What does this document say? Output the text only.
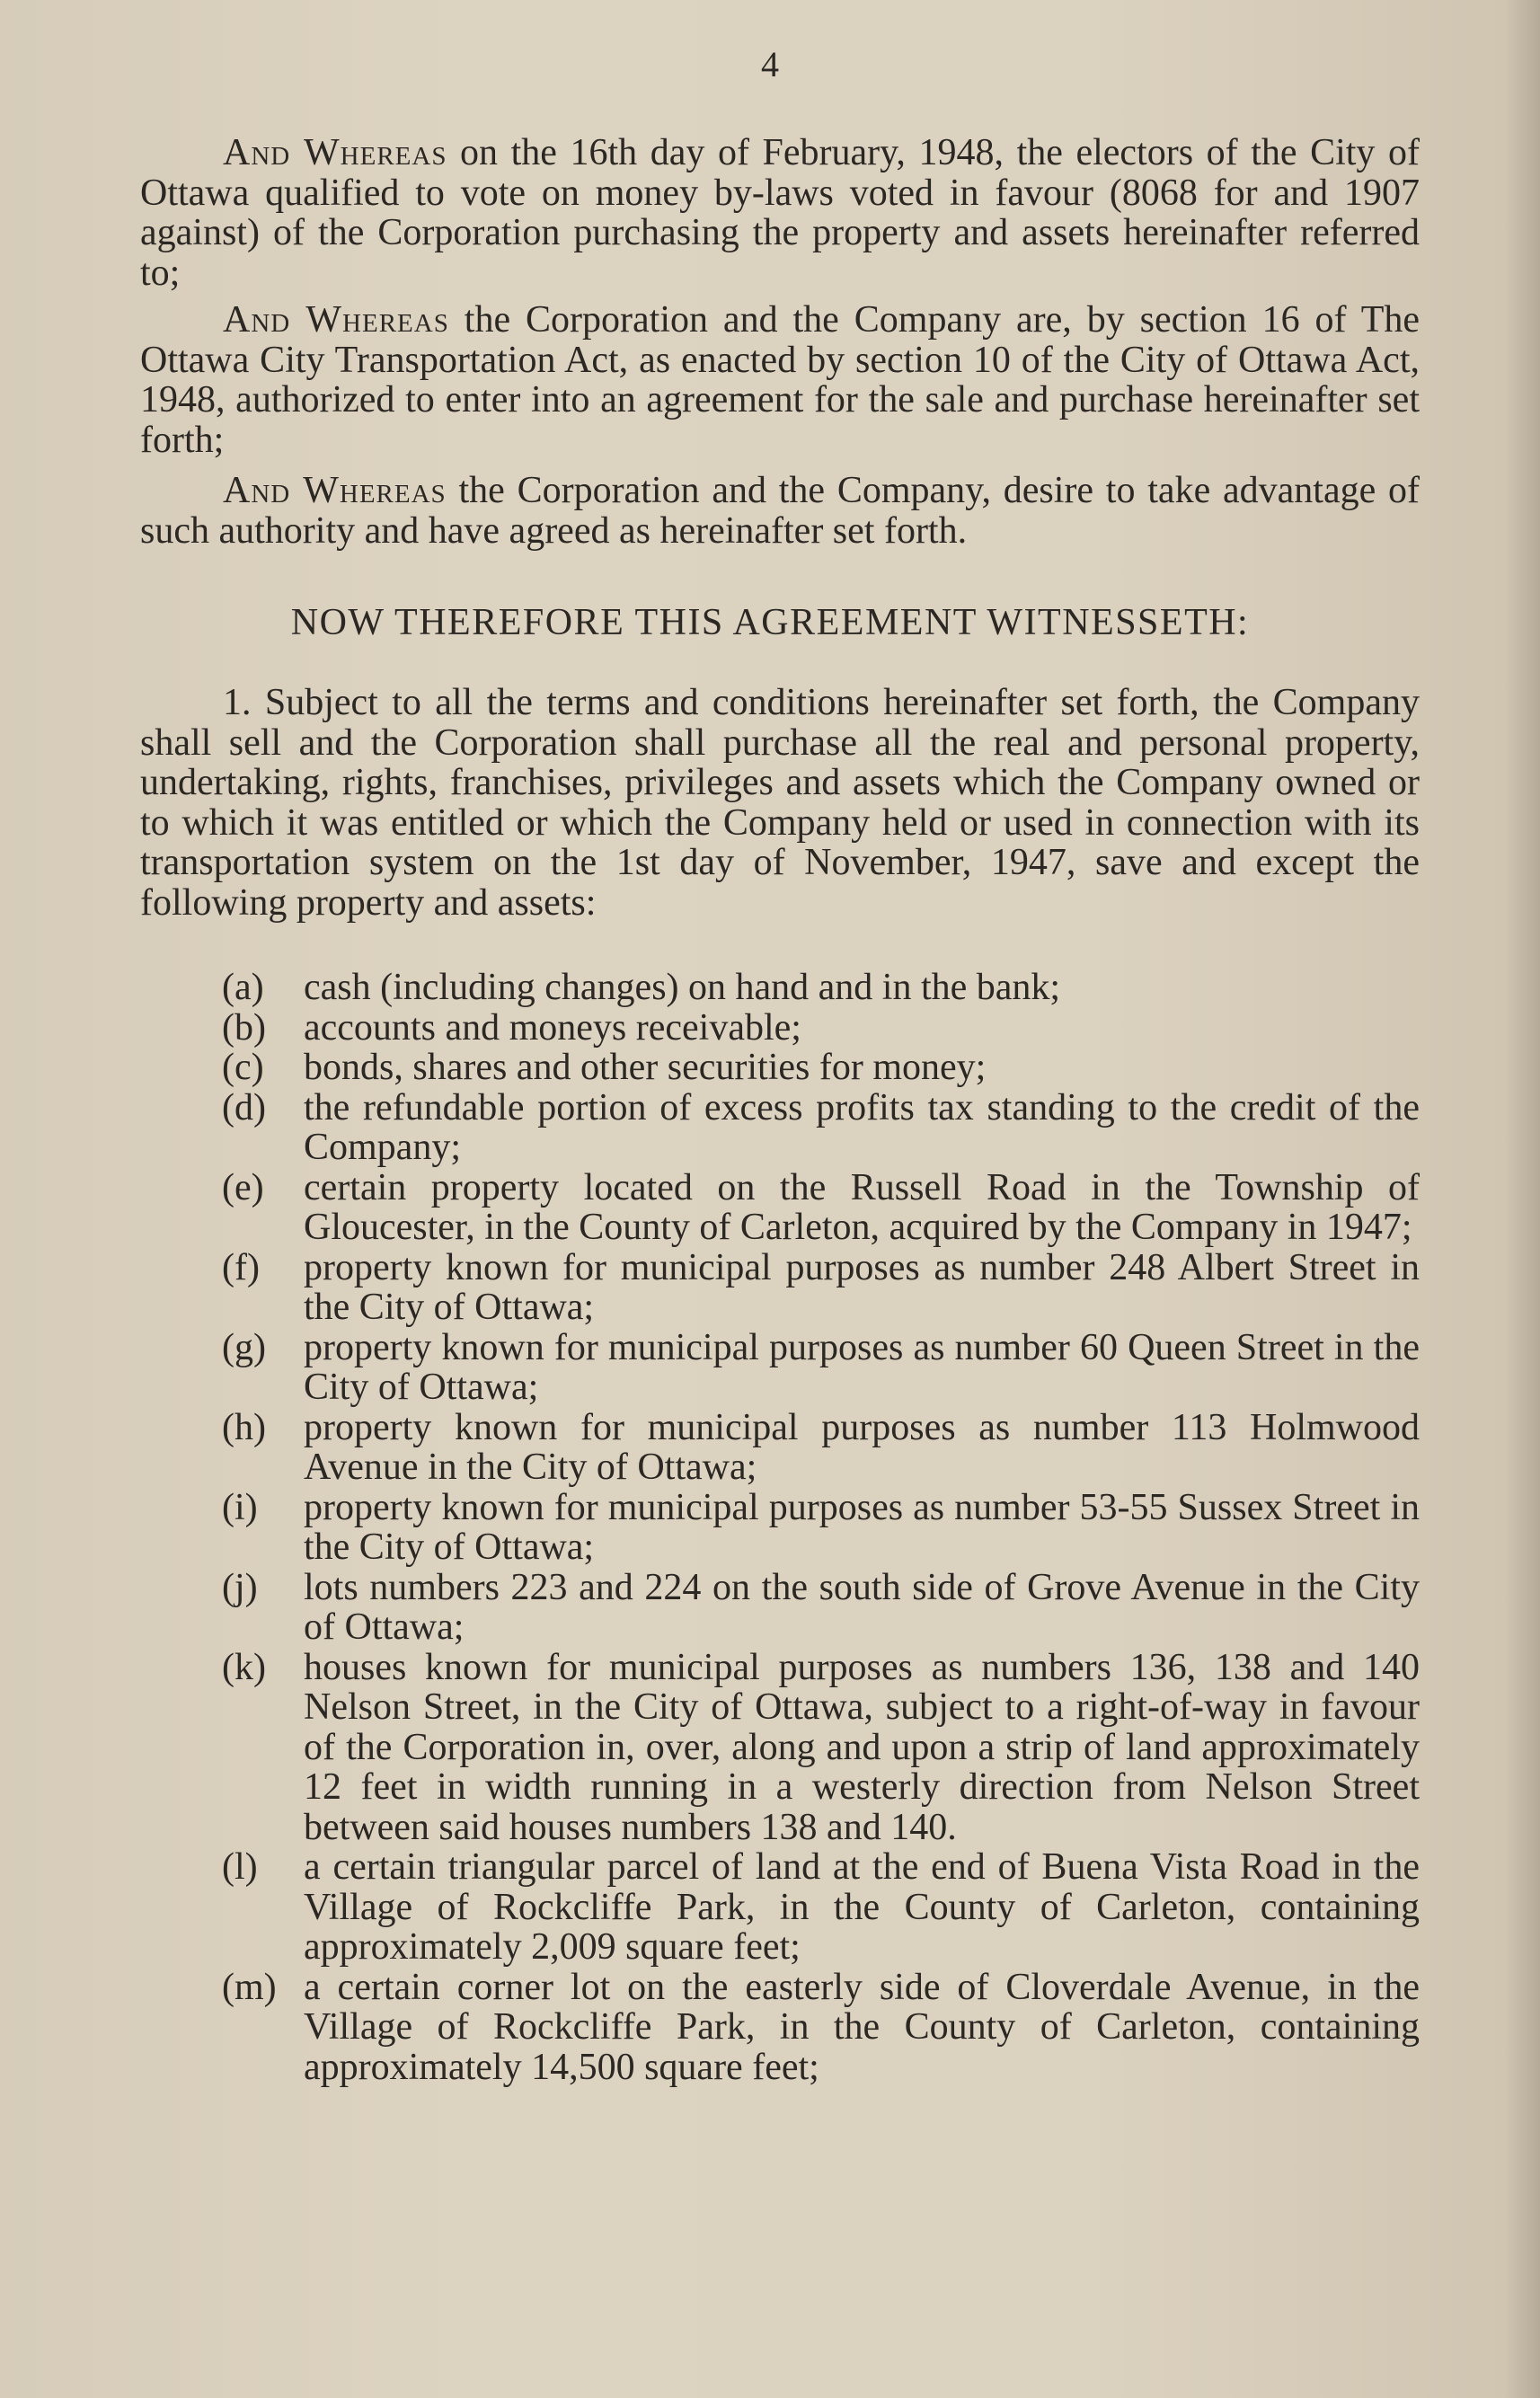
4

And Whereas on the 16th day of February, 1948, the electors of the City of Ottawa qualified to vote on money by-laws voted in favour (8068 for and 1907 against) of the Corporation purchasing the property and assets hereinafter referred to;

And Whereas the Corporation and the Company are, by section 16 of The Ottawa City Transportation Act, as enacted by section 10 of the City of Ottawa Act, 1948, authorized to enter into an agreement for the sale and purchase hereinafter set forth;

And Whereas the Corporation and the Company, desire to take advantage of such authority and have agreed as hereinafter set forth.

NOW THEREFORE THIS AGREEMENT WITNESSETH:

1. Subject to all the terms and conditions hereinafter set forth, the Company shall sell and the Corporation shall purchase all the real and personal property, undertaking, rights, franchises, privileges and assets which the Company owned or to which it was entitled or which the Company held or used in connection with its transportation system on the 1st day of November, 1947, save and except the following property and assets:

(a)	cash (including changes) on hand and in the bank;
(b)	accounts and moneys receivable;
(c)	bonds, shares and other securities for money;
(d)	the refundable portion of excess profits tax standing to the credit of the Company;
(e)	certain property located on the Russell Road in the Township of Gloucester, in the County of Carleton, acquired by the Company in 1947;
(f)	property known for municipal purposes as number 248 Albert Street in the City of Ottawa;
(g)	property known for municipal purposes as number 60 Queen Street in the City of Ottawa;
(h)	property known for municipal purposes as number 113 Holmwood Avenue in the City of Ottawa;
(i)	property known for municipal purposes as number 53-55 Sussex Street in the City of Ottawa;
(j)	lots numbers 223 and 224 on the south side of Grove Avenue in the City of Ottawa;
(k)	houses known for municipal purposes as numbers 136, 138 and 140 Nelson Street, in the City of Ottawa, subject to a right-of-way in favour of the Corporation in, over, along and upon a strip of land approximately 12 feet in width running in a westerly direction from Nelson Street between said houses numbers 138 and 140.
(l)	a certain triangular parcel of land at the end of Buena Vista Road in the Village of Rockcliffe Park, in the County of Carleton, containing approximately 2,009 square feet;
(m) a certain corner lot on the easterly side of Cloverdale Avenue, in the Village of Rockcliffe Park, in the County of Carleton, containing approximately 14,500 square feet;
